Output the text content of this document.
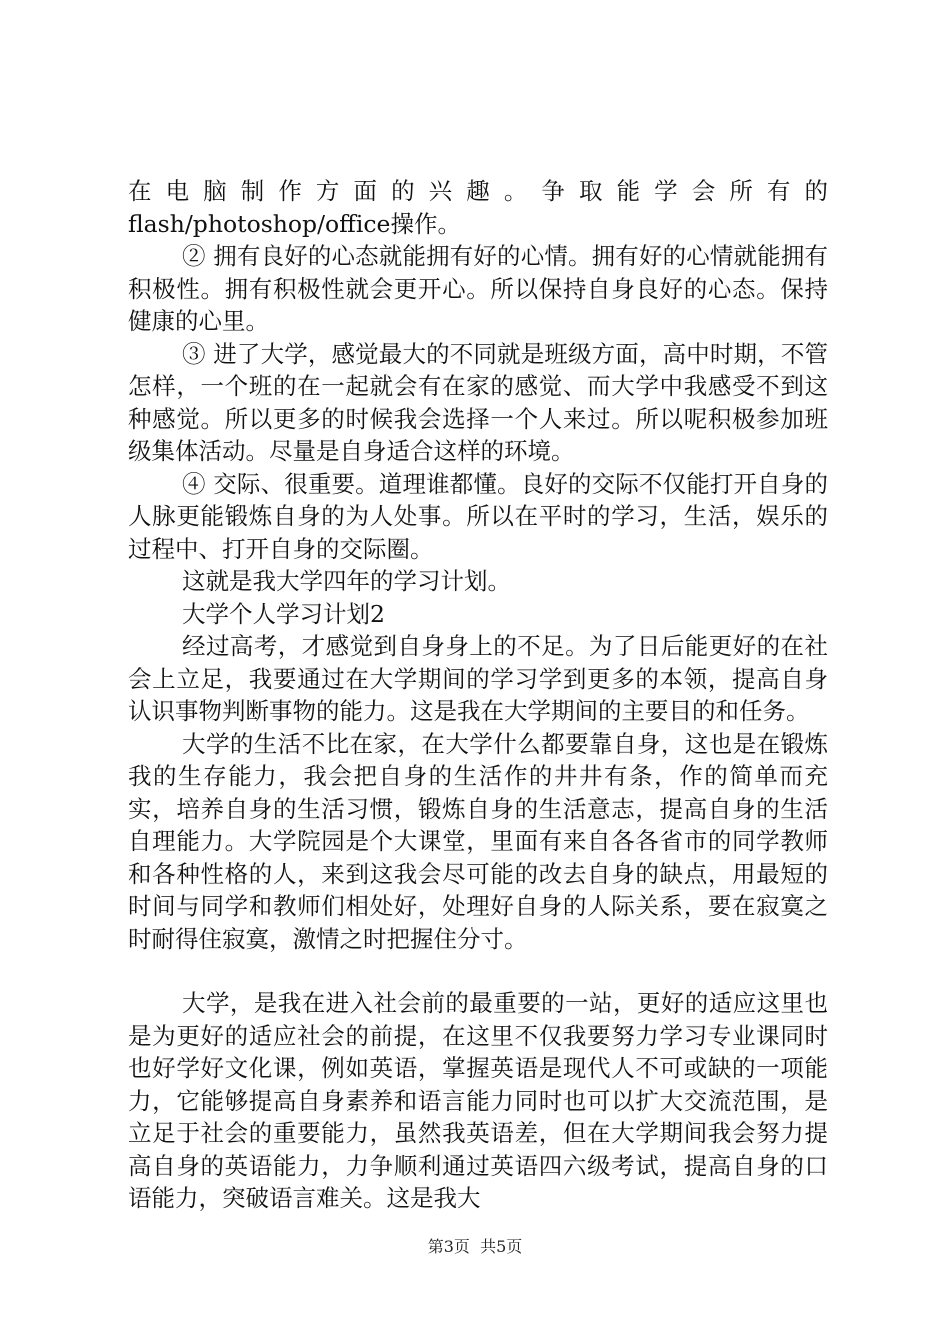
在电脑制作方面的兴趣。争取能学会所有的flash/photoshop/office操作。

② 拥有良好的心态就能拥有好的心情。拥有好的心情就能拥有积极性。拥有积极性就会更开心。所以保持自身良好的心态。保持健康的心里。

③ 进了大学，感觉最大的不同就是班级方面，高中时期，不管怎样，一个班的在一起就会有在家的感觉、而大学中我感受不到这种感觉。所以更多的时候我会选择一个人来过。所以呢积极参加班级集体活动。尽量是自身适合这样的环境。

④ 交际、很重要。道理谁都懂。良好的交际不仅能打开自身的人脉更能锻炼自身的为人处事。所以在平时的学习，生活，娱乐的过程中、打开自身的交际圈。

这就是我大学四年的学习计划。

大学个人学习计划2

经过高考，才感觉到自身身上的不足。为了日后能更好的在社会上立足，我要通过在大学期间的学习学到更多的本领，提高自身认识事物判断事物的能力。这是我在大学期间的主要目的和任务。

大学的生活不比在家，在大学什么都要靠自身，这也是在锻炼我的生存能力，我会把自身的生活作的井井有条，作的简单而充实，培养自身的生活习惯，锻炼自身的生活意志，提高自身的生活自理能力。大学院园是个大课堂，里面有来自各各省市的同学教师和各种性格的人，来到这我会尽可能的改去自身的缺点，用最短的时间与同学和教师们相处好，处理好自身的人际关系，要在寂寞之时耐得住寂寞，激情之时把握住分寸。

大学，是我在进入社会前的最重要的一站，更好的适应这里也是为更好的适应社会的前提，在这里不仅我要努力学习专业课同时也好学好文化课，例如英语，掌握英语是现代人不可或缺的一项能力，它能够提高自身素养和语言能力同时也可以扩大交流范围，是立足于社会的重要能力，虽然我英语差，但在大学期间我会努力提高自身的英语能力，力争顺利通过英语四六级考试，提高自身的口语能力，突破语言难关。这是我大

第3页  共5页
